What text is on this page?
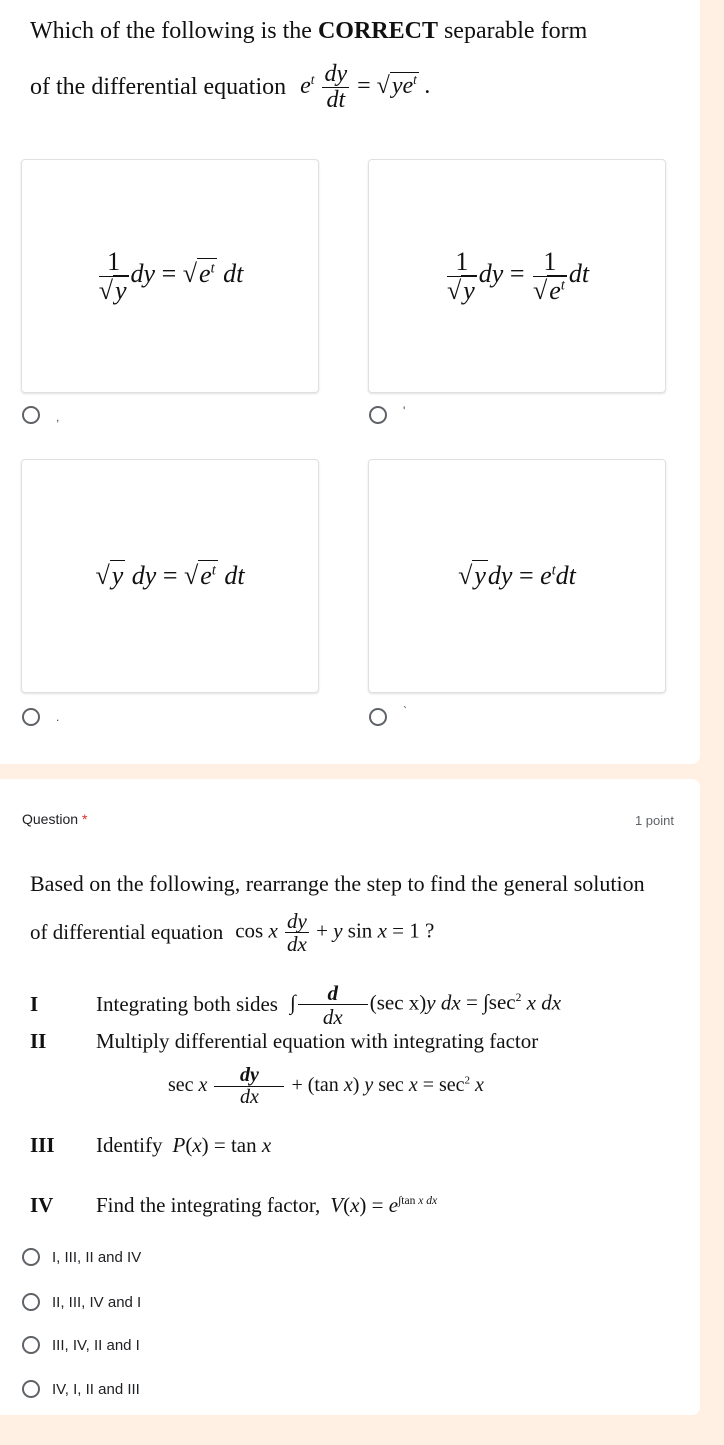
Which of the following is the CORRECT separable form
of the differential equation $e^t \frac{dy}{dt} = √ye^t$ .
$\frac{1}{√y}$ dy = $√e^t$ dt	$\frac{1}{√y}$ dy = $\frac{1}{√e^t}$ dt
,	'
√y dy = $√e^t$ dt	$√ydy = e^tdt$
.	`
Question *	1 point
Based on the following, rearrange the step to find the general solution
of differential equation cos x $\frac{dy}{dx} + y$ sin x = 1 ?
I	Integrating both sides $\int\frac{d}{dx} (\sec$ x)y dx = $\int\sec^2$ x dx
II Multiply differential equation with integrating factor
sec x $\frac{dy}{dx} + (\tan$ x) y $\sec x = \sec^2 x$
III	Identify P(x) = tan x
IV	Find the integrating factor, $V(x) = e^{\int tan x dx}$
I, III, II and IV
II, III, IV and I
III, IV, II and I
IV, I, II and III
